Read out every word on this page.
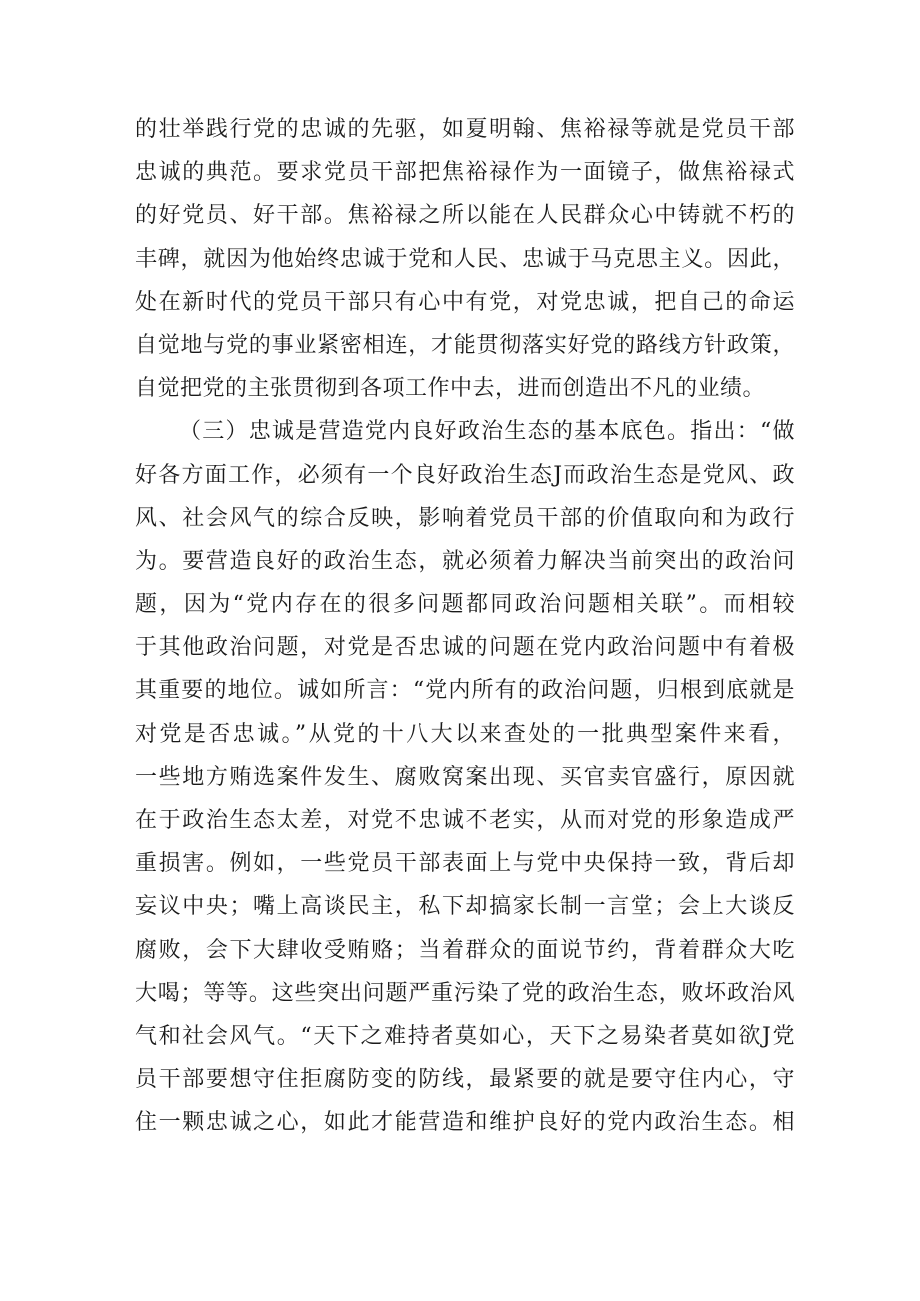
的壮举践行党的忠诚的先驱，如夏明翰、焦裕禄等就是党员干部
忠诚的典范。要求党员干部把焦裕禄作为一面镜子，做焦裕禄式
的好党员、好干部。焦裕禄之所以能在人民群众心中铸就不朽的
丰碑，就因为他始终忠诚于党和人民、忠诚于马克思主义。因此，
处在新时代的党员干部只有心中有党，对党忠诚，把自己的命运
自觉地与党的事业紧密相连，才能贯彻落实好党的路线方针政策，
自觉把党的主张贯彻到各项工作中去，进而创造出不凡的业绩。
（三）忠诚是营造党内良好政治生态的基本底色。指出：“做
好各方面工作，必须有一个良好政治生态J而政治生态是党风、政
风、社会风气的综合反映，影响着党员干部的价值取向和为政行
为。要营造良好的政治生态，就必须着力解决当前突出的政治问
题，因为“党内存在的很多问题都同政治问题相关联”。而相较
于其他政治问题，对党是否忠诚的问题在党内政治问题中有着极
其重要的地位。诚如所言：“党内所有的政治问题，归根到底就是
对党是否忠诚。”从党的十八大以来查处的一批典型案件来看，
一些地方贿选案件发生、腐败窝案出现、买官卖官盛行，原因就
在于政治生态太差，对党不忠诚不老实，从而对党的形象造成严
重损害。例如，一些党员干部表面上与党中央保持一致，背后却
妄议中央；嘴上高谈民主，私下却搞家长制一言堂；会上大谈反
腐败，会下大肆收受贿赂；当着群众的面说节约，背着群众大吃
大喝；等等。这些突出问题严重污染了党的政治生态，败坏政治风
气和社会风气。“天下之难持者莫如心，天下之易染者莫如欲J党
员干部要想守住拒腐防变的防线，最紧要的就是要守住内心，守
住一颗忠诚之心，如此才能营造和维护良好的党内政治生态。相
